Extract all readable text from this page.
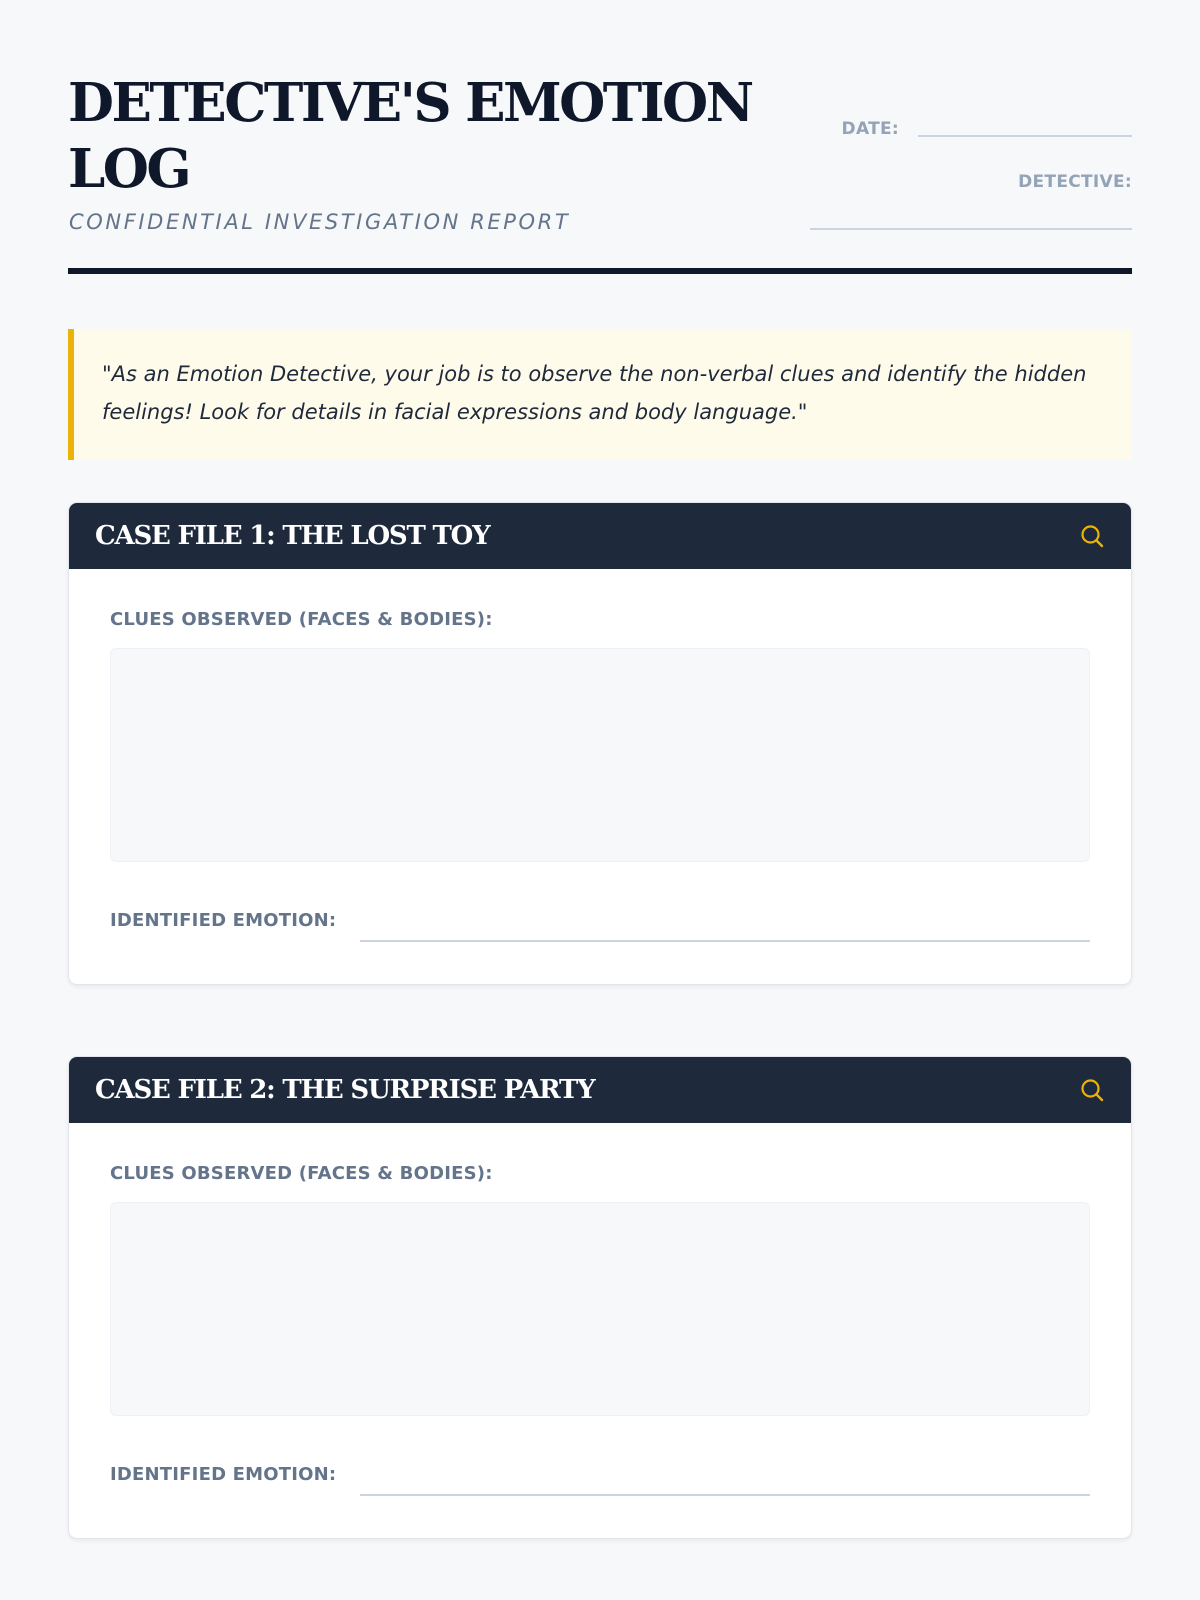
DETECTIVE'S EMOTION LOG
CONFIDENTIAL INVESTIGATION REPORT
DATE:
DETECTIVE:

"As an Emotion Detective, your job is to observe the non-verbal clues and identify the hidden feelings! Look for details in facial expressions and body language."

CASE FILE 1: THE LOST TOY
CLUES OBSERVED (FACES & BODIES):
IDENTIFIED EMOTION:
CASE FILE 2: THE SURPRISE PARTY
CLUES OBSERVED (FACES & BODIES):
IDENTIFIED EMOTION:
